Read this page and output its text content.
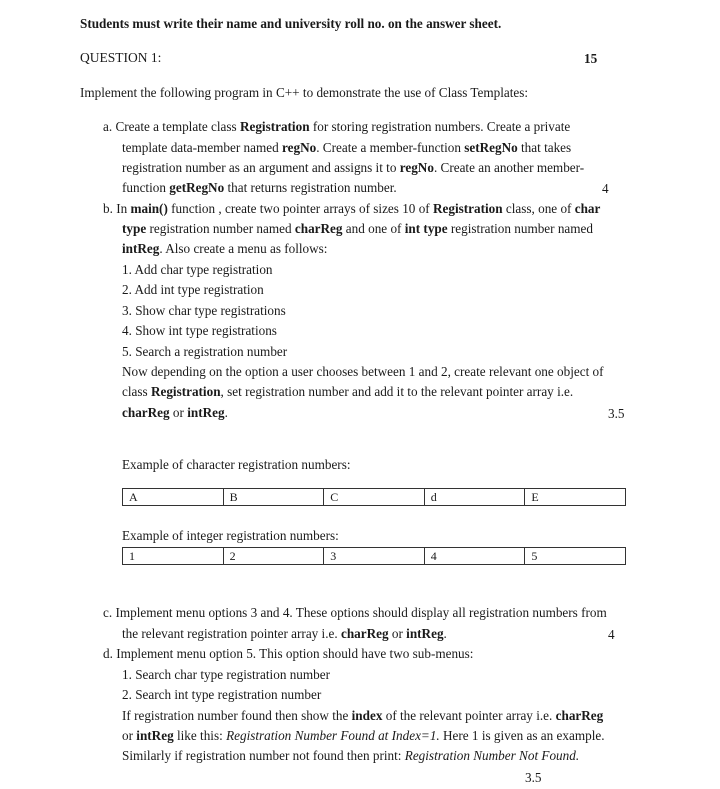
Students must write their name and university roll no. on the answer sheet.
QUESTION 1:	15
Implement the following program in C++ to demonstrate the use of Class Templates:
a. Create a template class Registration for storing registration numbers. Create a private
template data-member named regNo. Create a member-function setRegNo that takes
registration number as an argument and assigns it to regNo. Create an another member-
function getRegNo that returns registration number.	4
b. In main() function , create two pointer arrays of sizes 10 of Registration class, one of char
type registration number named charReg and one of int type registration number named
intReg. Also create a menu as follows:
1. Add char type registration
2. Add int type registration
3. Show char type registrations
4. Show int type registrations
5. Search a registration number
Now depending on the option a user chooses between 1 and 2, create relevant one object of
class Registration, set registration number and add it to the relevant pointer array i.e.
charReg or intReg.	3.5
Example of character registration numbers:
A	B	C	d	E
Example of integer registration numbers:
1	2	3	4	5
c. Implement menu options 3 and 4. These options should display all registration numbers from
the relevant registration pointer array i.e. charReg or intReg.	4
d. Implement menu option 5. This option should have two sub-menus:
1. Search char type registration number
2. Search int type registration number
If registration number found then show the index of the relevant pointer array i.e. charReg
or intReg like this: Registration Number Found at Index=1. Here 1 is given as an example.
Similarly if registration number not found then print: Registration Number Not Found.
3.5
